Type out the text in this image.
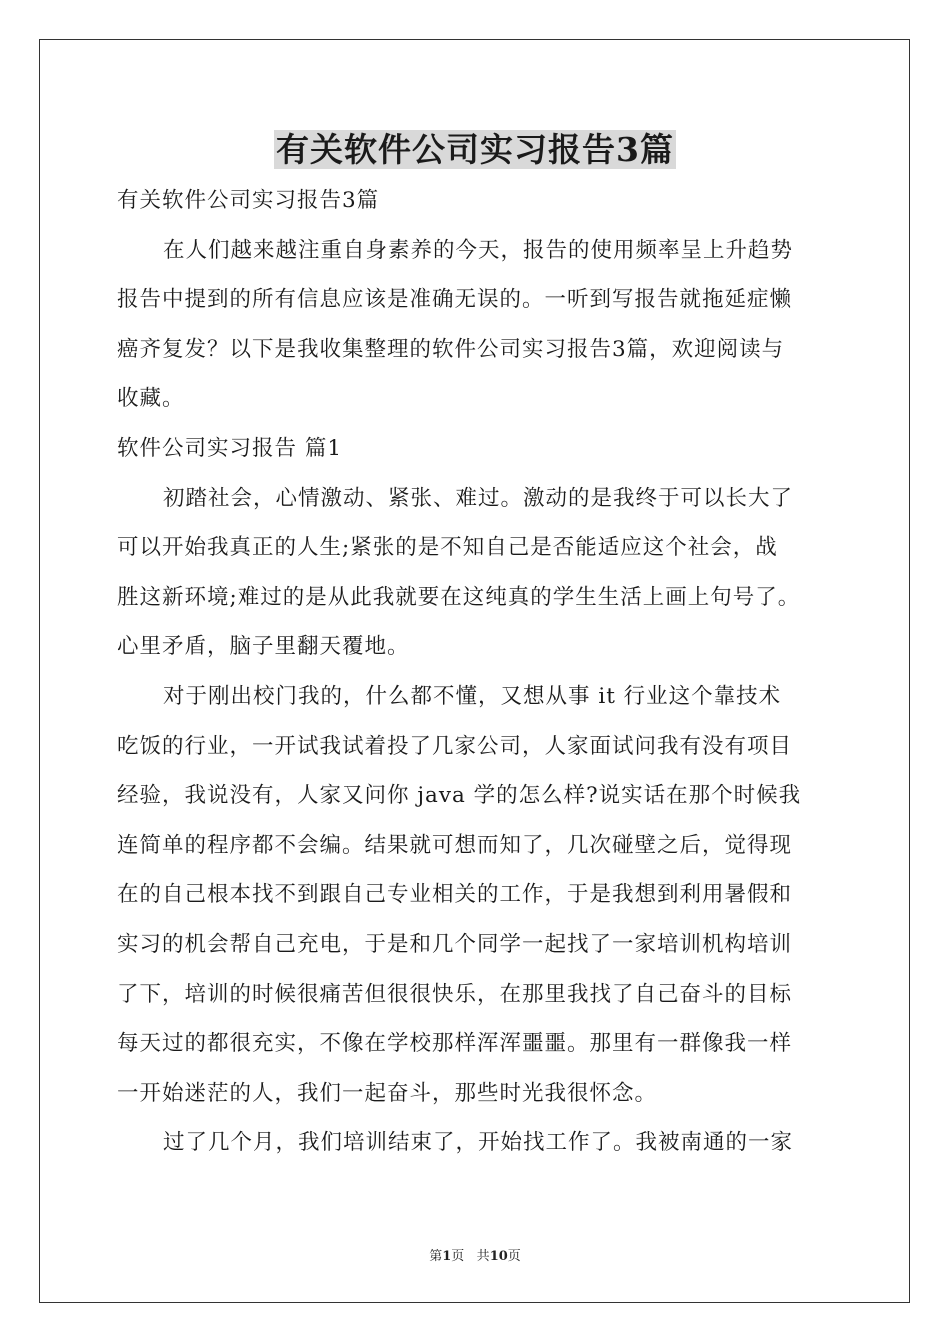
有关软件公司实习报告3篇
有关软件公司实习报告3篇
在人们越来越注重自身素养的今天，报告的使用频率呈上升趋势
报告中提到的所有信息应该是准确无误的。一听到写报告就拖延症懒
癌齐复发？以下是我收集整理的软件公司实习报告3篇，欢迎阅读与
收藏。
软件公司实习报告 篇1
初踏社会，心情激动、紧张、难过。激动的是我终于可以长大了
可以开始我真正的人生;紧张的是不知自己是否能适应这个社会，战
胜这新环境;难过的是从此我就要在这纯真的学生生活上画上句号了。
心里矛盾，脑子里翻天覆地。
对于刚出校门我的，什么都不懂，又想从事 it 行业这个靠技术
吃饭的行业，一开试我试着投了几家公司，人家面试问我有没有项目
经验，我说没有，人家又问你 java 学的怎么样?说实话在那个时候我
连简单的程序都不会编。结果就可想而知了，几次碰壁之后，觉得现
在的自己根本找不到跟自己专业相关的工作，于是我想到利用暑假和
实习的机会帮自己充电，于是和几个同学一起找了一家培训机构培训
了下，培训的时候很痛苦但很很快乐，在那里我找了自己奋斗的目标
每天过的都很充实，不像在学校那样浑浑噩噩。那里有一群像我一样
一开始迷茫的人，我们一起奋斗，那些时光我很怀念。
过了几个月，我们培训结束了，开始找工作了。我被南通的一家
第1页 共10页
